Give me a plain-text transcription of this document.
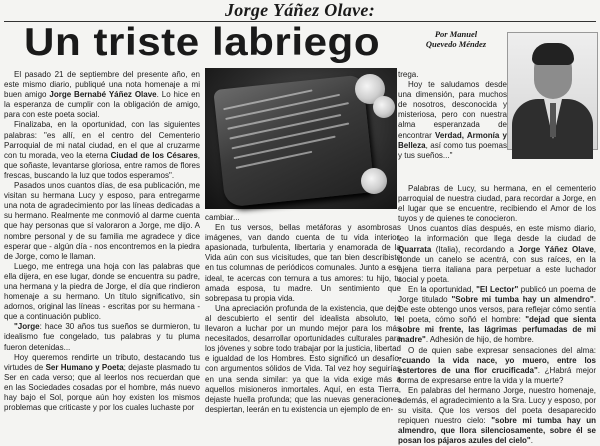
Jorge Yáñez Olave:
Un triste labriego	Por Manuel
Quevedo Méndez

El pasado 21 de septiembre del presente año, en este mismo diario, publiqué una nota homenaje a mi buen amigo Jorge Bernabé Yáñez Olave. Lo hice en la esperanza de cumplir con la obligación de amigo, para con este poeta social.

Finalizaba, en la oportunidad, con las siguientes palabras: "es allí, en el centro del Cementerio Parroquial de mi natal ciudad, en el que al cruzarme con tu morada, veo la eterna Ciudad de los Césares, que soñaste, levantarse gloriosa, entre ramos de flores frescas, buscando la luz que todos esperamos".

Pasados unos cuantos días, de esa publicación, me visitan su hermana Lucy y esposo, para entregarme una nota de agradecimiento por las líneas dedicadas a su hermano. Realmente me conmovió al darme cuenta que hay personas que sí valoraron a Jorge, me dijo. A nombre personal y de su familia me agradece y dice esperar que - algún día - nos encontremos en la piedra de Jorge, como le llaman.

Luego, me entrega una hoja con las palabras que ella dijera, en ese lugar, donde se encuentra su padre, una hermana y la piedra de Jorge, el día que rindieron homenaje a su hermano. Un título significativo, sin adornos, original las líneas - escritas por su hermana - que a continuación publico.

"Jorge: hace 30 años tus sueños se durmieron, tu idealismo fue congelado, tus palabras y tu pluma fueron detenidas...

Hoy queremos rendirte un tributo, destacando tus virtudes de Ser Humano y Poeta; dejaste plasmado tu Ser en cada verso; que al leerlos nos recuerdan que en las Sociedades cosadas por el hombre, más nuevo hay bajo el Sol, porque aún hoy existen los mismos problemas que criticaste y por los cuales luchaste por

cambiar...

En tus versos, bellas metáforas y asombrosas imágenes, van dando cuenta de tu vida interior, apasionada, turbulenta, libertaria y enamorada de la Vida aún con sus vicisitudes, que tan bien describiste en tus columnas de periódicos comunales. Junto a ese ideal, te acercas con ternura a tus amores: tu hijo, tu amada esposa, tu madre. Un sentimiento que sobrepasa tu propia vida.

Una apreciación profunda de la existencia, que dejó al descubierto el sentir del idealista absoluto, te llevaron a luchar por un mundo mejor para los más necesitados, desarrollar oportunidades culturales para los jóvenes y sobre todo trabajar por la justicia, libertad e igualdad de los Hombres. Esto significó un desafío, con argumentos sólidos de Vida. Tal vez hoy seguirías en una senda similar: ya que la vida exige más a aquellos misioneros inmortales. Aquí, en esta Tierra, dejaste huella profunda; que las nuevas generaciones despiertan, leerán en tu existencia un ejemplo de en-

trega.

Hoy te saludamos desde una dimensión, para muchos de nosotros, desconocida y misteriosa, pero con nuestra alma esperanzada de encontrar Verdad, Armonía y Belleza, así como tus poemas y tus sueños..."

Palabras de Lucy, su hermana, en el cementerio parroquial de nuestra ciudad, para recordar a Jorge, en el lugar que se encuentre, recibiendo el Amor de los tuyos y de quienes te conocieron.

Unos cuantos días después, en este mismo diario, leo la información que llega desde la ciudad de Quarrata (Italia), recordando a Jorge Yáñez Olave, donde un canelo se acentrá, con sus raíces, en la ajena tierra italiana para perpetuar a este luchador social y poeta.

En la oportunidad, "El Lector" publicó un poema de Jorge titulado "Sobre mi tumba hay un almendro". De este obtengo unos versos, para reflejar cómo sentía el poeta, cómo soñó el hombre: "dejad que sienta sobre mi frente, las lágrimas perfumadas de mi madre". Adhesión de hijo, de hombre.

O de quien sabe expresar sensaciones del alma: "cuando la vida nace, yo muero, entre los estertores de una flor crucificada". ¿Habrá mejor forma de expresarse entre la vida y la muerte?

En palabras del hermano Jorge, nuestro homenaje, además, el agradecimiento a la Sra. Lucy y esposo, por su visita. Que los versos del poeta desaparecido repiquen nuestro cielo: "sobre mi tumba hay un almendro, que llora silenciosamente, sobre él se posan los pájaros azules del cielo".
